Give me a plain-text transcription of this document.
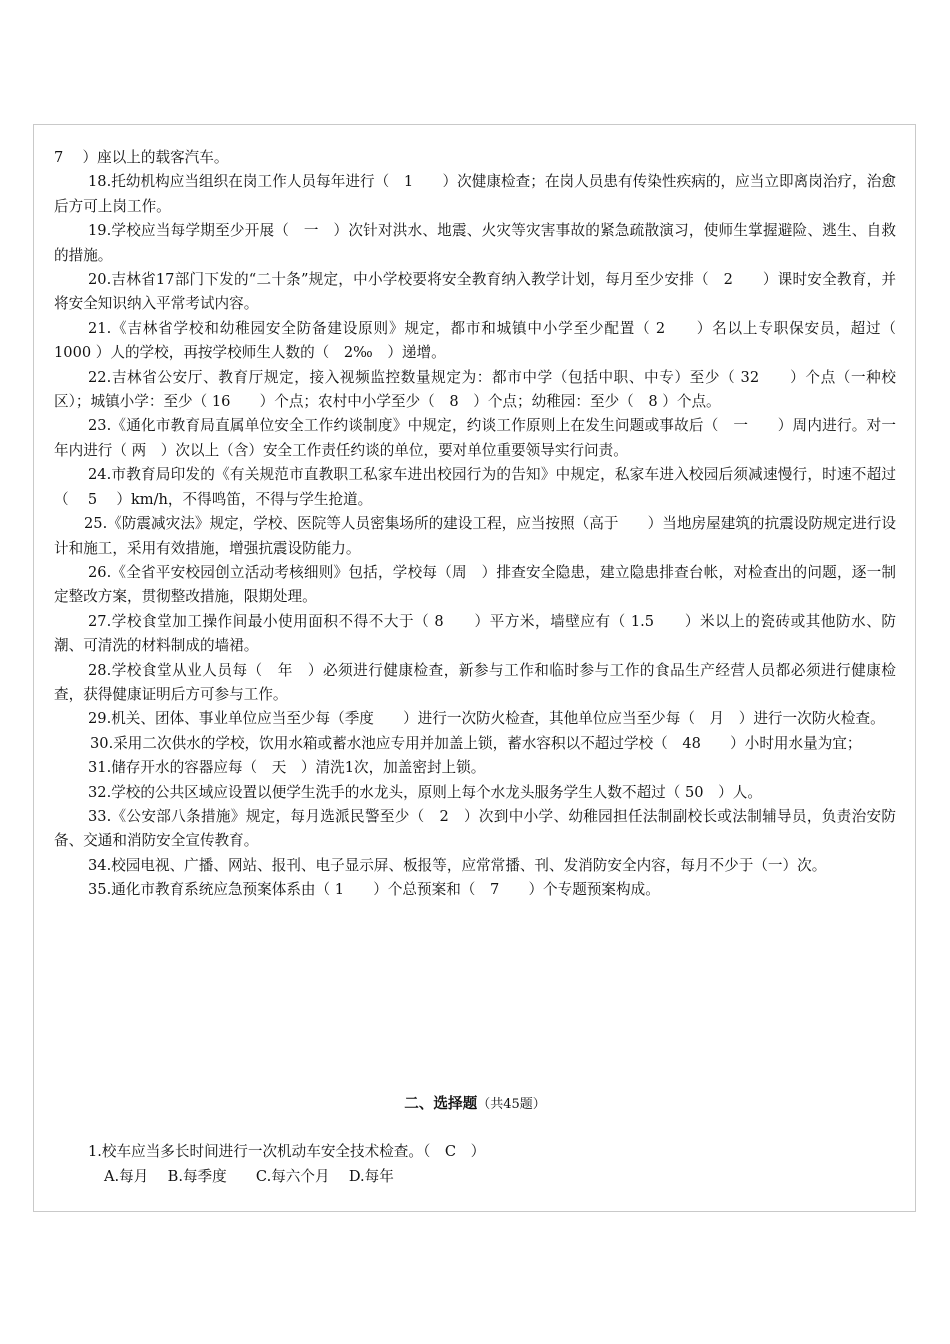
7　 ）座以上的载客汽车。

18.托幼机构应当组织在岗工作人员每年进行（　1　　）次健康检查；在岗人员患有传染性疾病的，应当立即离岗治疗，治愈后方可上岗工作。

19.学校应当每学期至少开展（　一　）次针对洪水、地震、火灾等灾害事故的紧急疏散演习，使师生掌握避险、逃生、自救的措施。

20.吉林省17部门下发的“二十条”规定，中小学校要将安全教育纳入教学计划，每月至少安排（　2　　）课时安全教育，并将安全知识纳入平常考试内容。

21.《吉林省学校和幼稚园安全防备建设原则》规定，都市和城镇中小学至少配置（ 2　　）名以上专职保安员，超过（ 1000 ）人的学校，再按学校师生人数的（　2‰　）递增。

22.吉林省公安厅、教育厅规定，接入视频监控数量规定为：都市中学（包括中职、中专）至少（ 32　　）个点（一种校区）；城镇小学：至少（ 16　　）个点；农村中小学至少（　8　）个点；幼稚园：至少（　8 ）个点。

23.《通化市教育局直属单位安全工作约谈制度》中规定，约谈工作原则上在发生问题或事故后（　一　　）周内进行。对一年内进行（ 两　）次以上（含）安全工作责任约谈的单位，要对单位重要领导实行问责。

24.市教育局印发的《有关规范市直教职工私家车进出校园行为的告知》中规定，私家车进入校园后须减速慢行，时速不超过（　 5　 ）km/h，不得鸣笛，不得与学生抢道。

25.《防震减灾法》规定，学校、医院等人员密集场所的建设工程，应当按照（高于　　）当地房屋建筑的抗震设防规定进行设计和施工，采用有效措施，增强抗震设防能力。

26.《全省平安校园创立活动考核细则》包括，学校每（周　）排查安全隐患，建立隐患排查台帐，对检查出的问题，逐一制定整改方案，贯彻整改措施，限期处理。

27.学校食堂加工操作间最小使用面积不得不大于（ 8　　）平方米，墙壁应有（ 1.5　　）米以上的瓷砖或其他防水、防潮、可清洗的材料制成的墙裙。

28.学校食堂从业人员每（　年　）必须进行健康检查，新参与工作和临时参与工作的食品生产经营人员都必须进行健康检查，获得健康证明后方可参与工作。

29.机关、团体、事业单位应当至少每（季度　　）进行一次防火检查，其他单位应当至少每（　月　）进行一次防火检查。

30.采用二次供水的学校，饮用水箱或蓄水池应专用并加盖上锁，蓄水容积以不超过学校（　48　　）小时用水量为宜；

31.储存开水的容器应每（　天　）清洗1次，加盖密封上锁。

32.学校的公共区域应设置以便学生洗手的水龙头，原则上每个水龙头服务学生人数不超过（ 50　）人。

33.《公安部八条措施》规定，每月选派民警至少（　2　）次到中小学、幼稚园担任法制副校长或法制辅导员，负责治安防备、交通和消防安全宣传教育。

34.校园电视、广播、网站、报刊、电子显示屏、板报等，应常常播、刊、发消防安全内容，每月不少于（一）次。

35.通化市教育系统应急预案体系由（ 1　　）个总预案和（　7　　）个专题预案构成。

二、选择题（共45题）
1.校车应当多长时间进行一次机动车安全技术检查。（　C　）
A.每月　 B.每季度　　C.每六个月　 D.每年
